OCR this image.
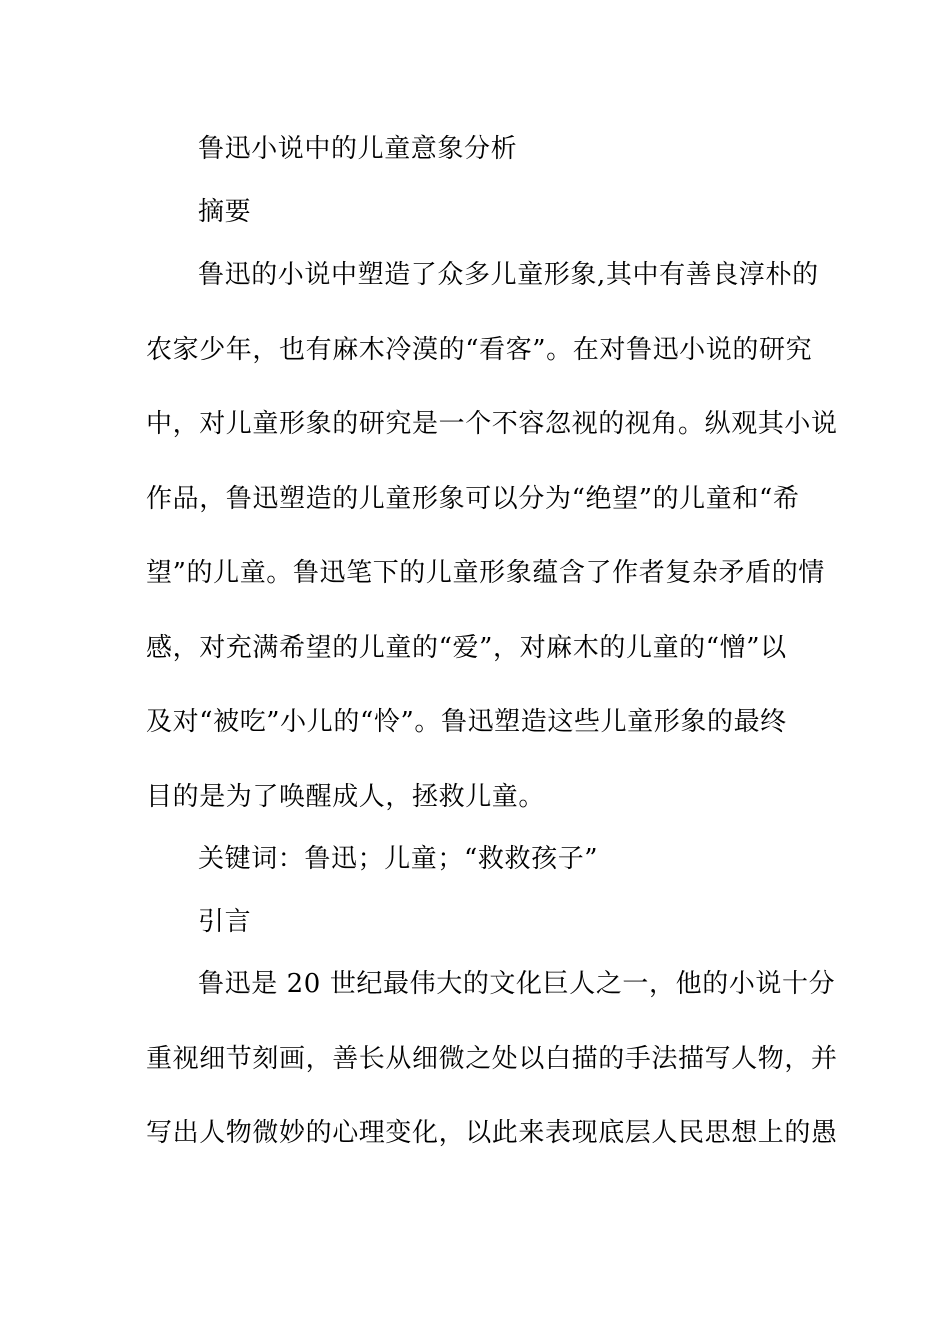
鲁迅小说中的儿童意象分析
摘要
鲁迅的小说中塑造了众多儿童形象,其中有善良淳朴的
农家少年，也有麻木冷漠的“看客”。在对鲁迅小说的研究
中，对儿童形象的研究是一个不容忽视的视角。纵观其小说
作品，鲁迅塑造的儿童形象可以分为“绝望”的儿童和“希
望”的儿童。鲁迅笔下的儿童形象蕴含了作者复杂矛盾的情
感，对充满希望的儿童的“爱”，对麻木的儿童的“憎”以
及对“被吃”小儿的“怜”。鲁迅塑造这些儿童形象的最终
目的是为了唤醒成人，拯救儿童。
关键词：鲁迅；儿童；“救救孩子”
引言
鲁迅是 20 世纪最伟大的文化巨人之一，他的小说十分
重视细节刻画，善长从细微之处以白描的手法描写人物，并
写出人物微妙的心理变化，以此来表现底层人民思想上的愚
